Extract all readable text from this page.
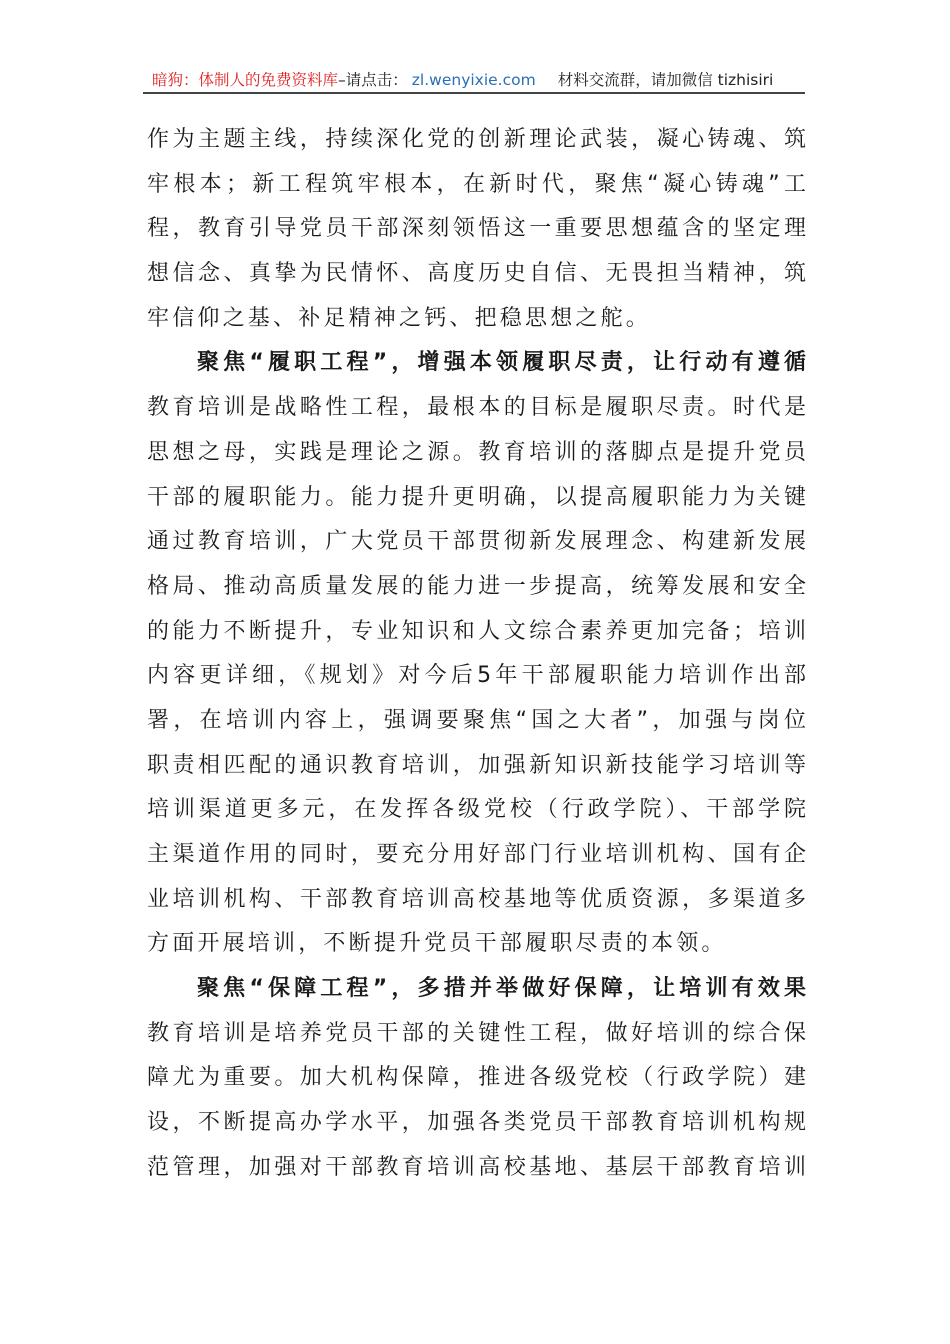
暗狗：体制人的免费资料库–请点击： zl.wenyixie.com 材料交流群，请加微信 tizhisiri
作为主题主线，持续深化党的创新理论武装，凝心铸魂、筑
牢根本；新工程筑牢根本，在新时代，聚焦“凝心铸魂”工
程，教育引导党员干部深刻领悟这一重要思想蕴含的坚定理
想信念、真挚为民情怀、高度历史自信、无畏担当精神，筑
牢信仰之基、补足精神之钙、把稳思想之舵。
聚焦“履职工程”，增强本领履职尽责，让行动有遵循
教育培训是战略性工程，最根本的目标是履职尽责。时代是
思想之母，实践是理论之源。教育培训的落脚点是提升党员
干部的履职能力。能力提升更明确，以提高履职能力为关键
通过教育培训，广大党员干部贯彻新发展理念、构建新发展
格局、推动高质量发展的能力进一步提高，统筹发展和安全
的能力不断提升，专业知识和人文综合素养更加完备；培训
内容更详细，《规划》对今后5年干部履职能力培训作出部
署，在培训内容上，强调要聚焦“国之大者”，加强与岗位
职责相匹配的通识教育培训，加强新知识新技能学习培训等
培训渠道更多元，在发挥各级党校（行政学院）、干部学院
主渠道作用的同时，要充分用好部门行业培训机构、国有企
业培训机构、干部教育培训高校基地等优质资源，多渠道多
方面开展培训，不断提升党员干部履职尽责的本领。
聚焦“保障工程”，多措并举做好保障，让培训有效果
教育培训是培养党员干部的关键性工程，做好培训的综合保
障尤为重要。加大机构保障，推进各级党校（行政学院）建
设，不断提高办学水平，加强各类党员干部教育培训机构规
范管理，加强对干部教育培训高校基地、基层干部教育培训
